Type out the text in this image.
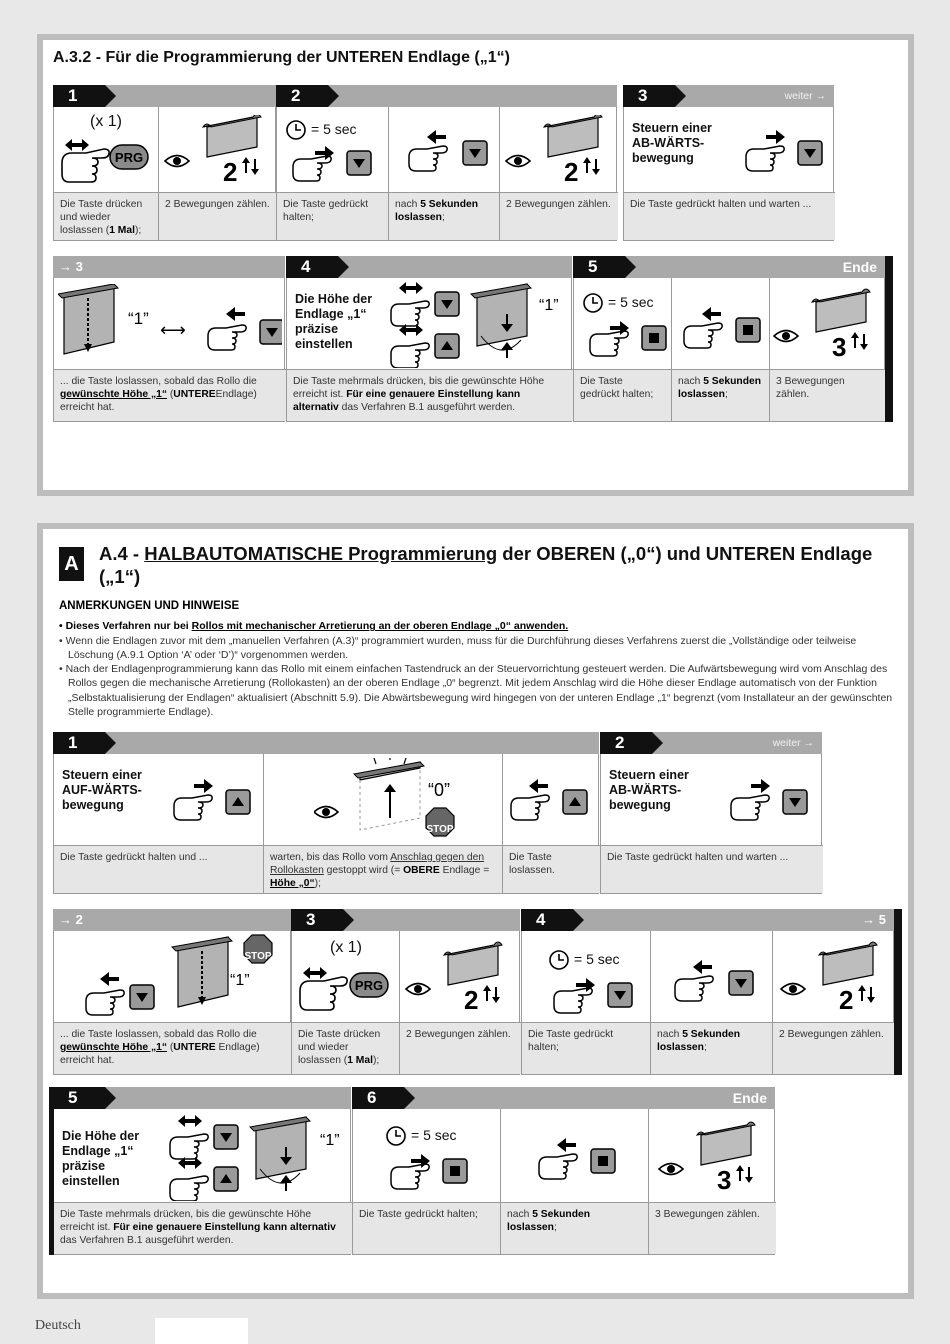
A.3.2 - Für die Programmierung der UNTEREN Endlage („1“)
1
(x 1)
PRG
Die Taste drücken und wieder loslassen (1 Mal);
2
2 Bewegungen zählen.
2
= 5 sec
Die Taste gedrückt halten;
nach 5 Sekunden loslassen;
2
2 Bewegungen zählen.
3	weiter →
Steuern einer AB-WÄRTS-bewegung
Die Taste gedrückt halten und warten ...
→ 3
“1”
⟷
... die Taste loslassen, sobald das Rollo die gewünschte Höhe „1“ (UNTEREEndlage) erreicht hat.
4
Die Höhe der Endlage „1“ präzise einstellen
“1”
Die Taste mehrmals drücken, bis die gewünschte Höhe erreicht ist. Für eine genauere Einstellung kann alternativ das Verfahren B.1 ausgeführt werden.
5	Ende
= 5 sec
Die Taste gedrückt halten;
nach 5 Sekunden loslassen;
3
3 Bewegungen zählen.
A A.4 - HALBAUTOMATISCHE Programmierung der OBEREN („0“) und UNTEREN Endlage („1“)
ANMERKUNGEN UND HINWEISE

• Dieses Verfahren nur bei Rollos mit mechanischer Arretierung an der oberen Endlage „0“ anwenden.

• Wenn die Endlagen zuvor mit dem „manuellen Verfahren (A.3)“ programmiert wurden, muss für die Durchführung dieses Verfahrens zuerst die „Vollständige oder teilweise Löschung (A.9.1 Option ‘A’ oder ‘D’)“ vorgenommen werden.

• Nach der Endlagenprogrammierung kann das Rollo mit einem einfachen Tastendruck an der Steuervorrichtung gesteuert werden. Die Aufwärtsbewegung wird vom Anschlag des Rollos gegen die mechanische Arretierung (Rollokasten) an der oberen Endlage „0“ begrenzt. Mit jedem Anschlag wird die Höhe dieser Endlage automatisch von der Funktion „Selbstaktualisierung der Endlagen“ aktualisiert (Abschnitt 5.9). Die Abwärtsbewegung wird hingegen von der unteren Endlage „1“ begrenzt (vom Installateur an der gewünschten Stelle programmierte Endlage).

1
Steuern einer AUF-WÄRTS-bewegung
Die Taste gedrückt halten und ...
“0”
STOP
warten, bis das Rollo vom Anschlag gegen den Rollokasten gestoppt wird (= OBERE Endlage = Höhe „0“);
Die Taste loslassen.
2	weiter →
Steuern einer AB-WÄRTS-bewegung
Die Taste gedrückt halten und warten ...
→ 2
STOP
“1”
... die Taste loslassen, sobald das Rollo die gewünschte Höhe „1“ (UNTERE Endlage) erreicht hat.
3
(x 1)
PRG
Die Taste drücken und wieder loslassen (1 Mal);
2
2 Bewegungen zählen.
4	→ 5
= 5 sec
Die Taste gedrückt halten;
nach 5 Sekunden loslassen;
2
2 Bewegungen zählen.
5
Die Höhe der Endlage „1“ präzise einstellen
“1”
Die Taste mehrmals drücken, bis die gewünschte Höhe erreicht ist. Für eine genauere Einstellung kann alternativ das Verfahren B.1 ausgeführt werden.
6	Ende
= 5 sec
Die Taste gedrückt halten;	nach 5 Sekunden loslassen;
3
3 Bewegungen zählen.
Deutsch
